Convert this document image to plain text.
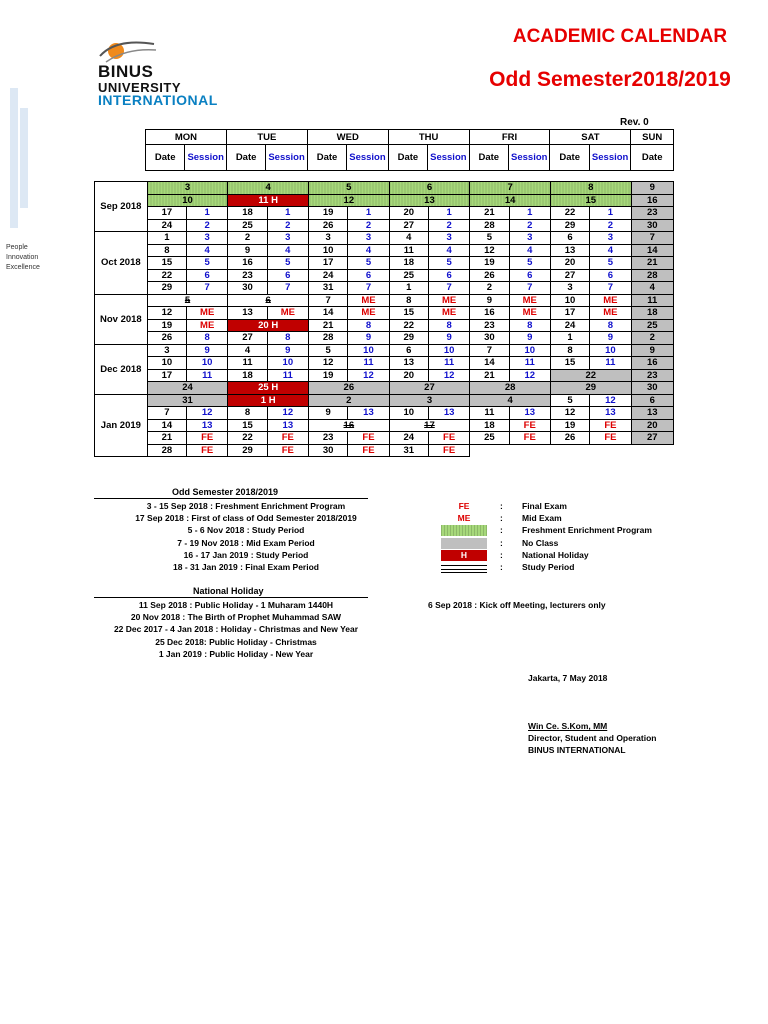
BINUS
UNIVERSITY
INTERNATIONAL
People
Innovation
Excellence
ACADEMIC CALENDAR
Odd Semester2018/2019
Rev. 0
MON		TUE		WED		THU		FRI		SAT		SUN
Date	Session	Date	Session	Date	Session	Date	Session	Date	Session	Date	Session	Date
Sep 2018	3		4		5		6		7		8		9
	10		11 H		12		13		14		15		16
	17	1	18	1	19	1	20	1	21	1	22	1	23
	24	2	25	2	26	2	27	2	28	2	29	2	30
Oct 2018	1	3	2	3	3	3	4	3	5	3	6	3	7
	8	4	9	4	10	4	11	4	12	4	13	4	14
	15	5	16	5	17	5	18	5	19	5	20	5	21
	22	6	23	6	24	6	25	6	26	6	27	6	28
	29	7	30	7	31	7	1	7	2	7	3	7	4
Nov 2018	5		6		7	ME	8	ME	9	ME	10	ME	11
	12	ME	13	ME	14	ME	15	ME	16	ME	17	ME	18
	19	ME	20 H		21	8	22	8	23	8	24	8	25
	26	8	27	8	28	9	29	9	30	9	1	9	2
Dec 2018	3	9	4	9	5	10	6	10	7	10	8	10	9
	10	10	11	10	12	11	13	11	14	11	15	11	16
	17	11	18	11	19	12	20	12	21	12	22		23
	24		25 H		26		27		28		29		30
Jan 2019	31		1 H		2		3		4		5	12	6
	7	12	8	12	9	13	10	13	11	13	12	13	13
	14	13	15	13	16		17		18	FE	19	FE	20
	21	FE	22	FE	23	FE	24	FE	25	FE	26	FE	27
	28	FE	29	FE	30	FE	31	FE					
Odd Semester 2018/2019
3 - 15 Sep 2018 : Freshment Enrichment Program
17 Sep 2018 : First of class of Odd Semester 2018/2019
5 - 6 Nov 2018 : Study Period
7 - 19 Nov 2018 : Mid Exam Period
16 - 17 Jan 2019 : Study Period
18 - 31 Jan 2019 : Final Exam Period
FE	: Final Exam
ME	: Mid Exam
: Freshment Enrichment Program
: No Class
H	: National Holiday
: Study Period
National Holiday
11 Sep 2018 : Public Holiday - 1 Muharam 1440H
20 Nov 2018 : The Birth of Prophet Muhammad SAW
22 Dec 2017 - 4 Jan 2018 : Holiday - Christmas and New Year
25 Dec 2018: Public Holiday - Christmas
1 Jan 2019 : Public Holiday - New Year
6 Sep 2018 : Kick off Meeting, lecturers only
Jakarta, 7 May 2018
Win Ce. S.Kom, MM
Director, Student and Operation
BINUS INTERNATIONAL
